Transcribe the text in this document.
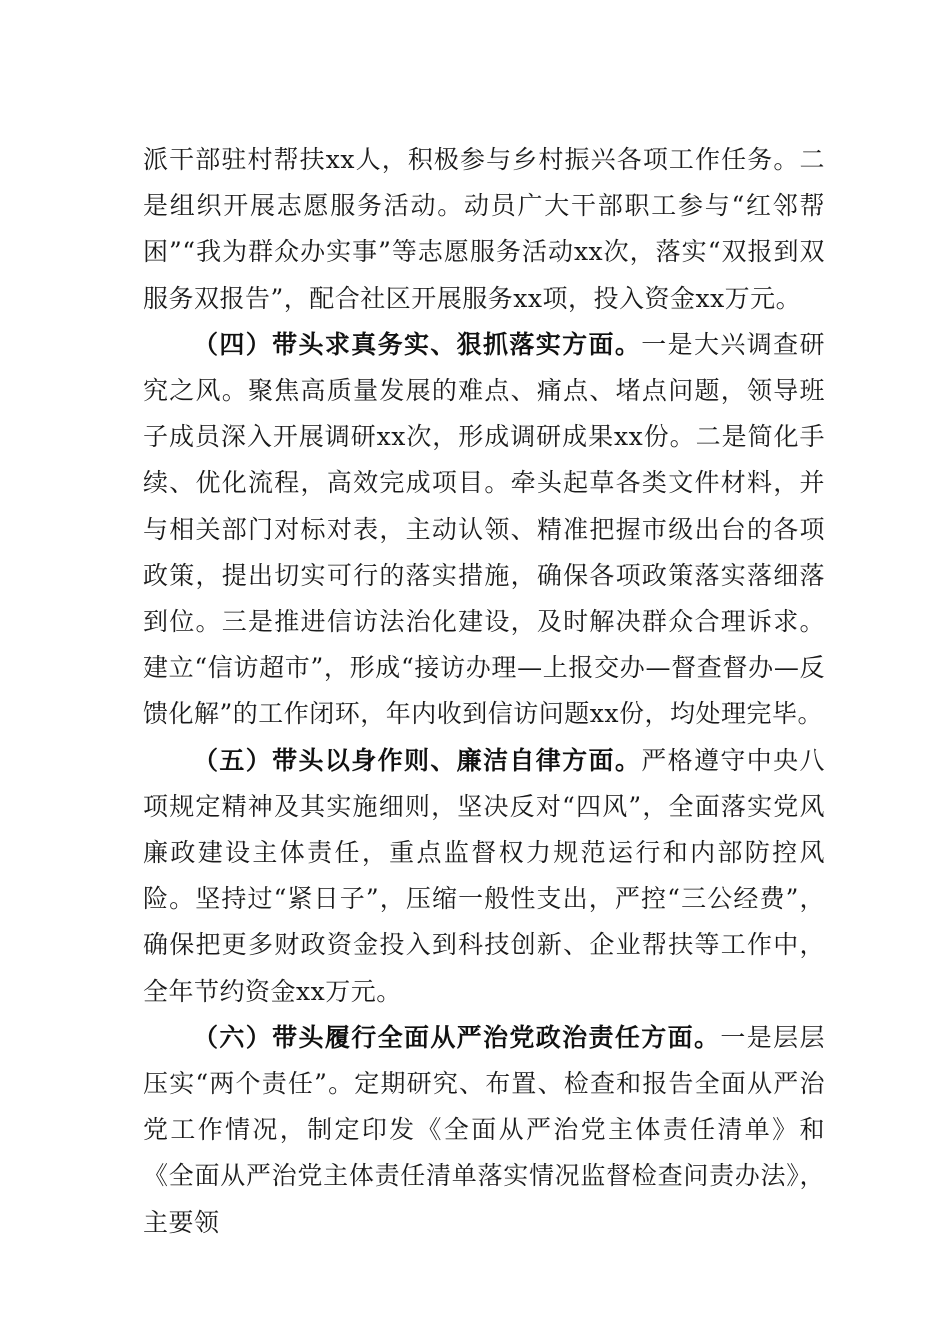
派干部驻村帮扶xx人，积极参与乡村振兴各项工作任务。二是组织开展志愿服务活动。动员广大干部职工参与“红邻帮困”“我为群众办实事”等志愿服务活动xx次，落实“双报到双服务双报告”，配合社区开展服务xx项，投入资金xx万元。

（四）带头求真务实、狠抓落实方面。一是大兴调查研究之风。聚焦高质量发展的难点、痛点、堵点问题，领导班子成员深入开展调研xx次，形成调研成果xx份。二是简化手续、优化流程，高效完成项目。牵头起草各类文件材料，并与相关部门对标对表，主动认领、精准把握市级出台的各项政策，提出切实可行的落实措施，确保各项政策落实落细落到位。三是推进信访法治化建设，及时解决群众合理诉求。建立“信访超市”，形成“接访办理—上报交办—督查督办—反馈化解”的工作闭环，年内收到信访问题xx份，均处理完毕。

（五）带头以身作则、廉洁自律方面。严格遵守中央八项规定精神及其实施细则，坚决反对“四风”，全面落实党风廉政建设主体责任，重点监督权力规范运行和内部防控风险。坚持过“紧日子”，压缩一般性支出，严控“三公经费”，确保把更多财政资金投入到科技创新、企业帮扶等工作中，全年节约资金xx万元。

（六）带头履行全面从严治党政治责任方面。一是层层压实“两个责任”。定期研究、布置、检查和报告全面从严治党工作情况，制定印发《全面从严治党主体责任清单》和《全面从严治党主体责任清单落实情况监督检查问责办法》，主要领
